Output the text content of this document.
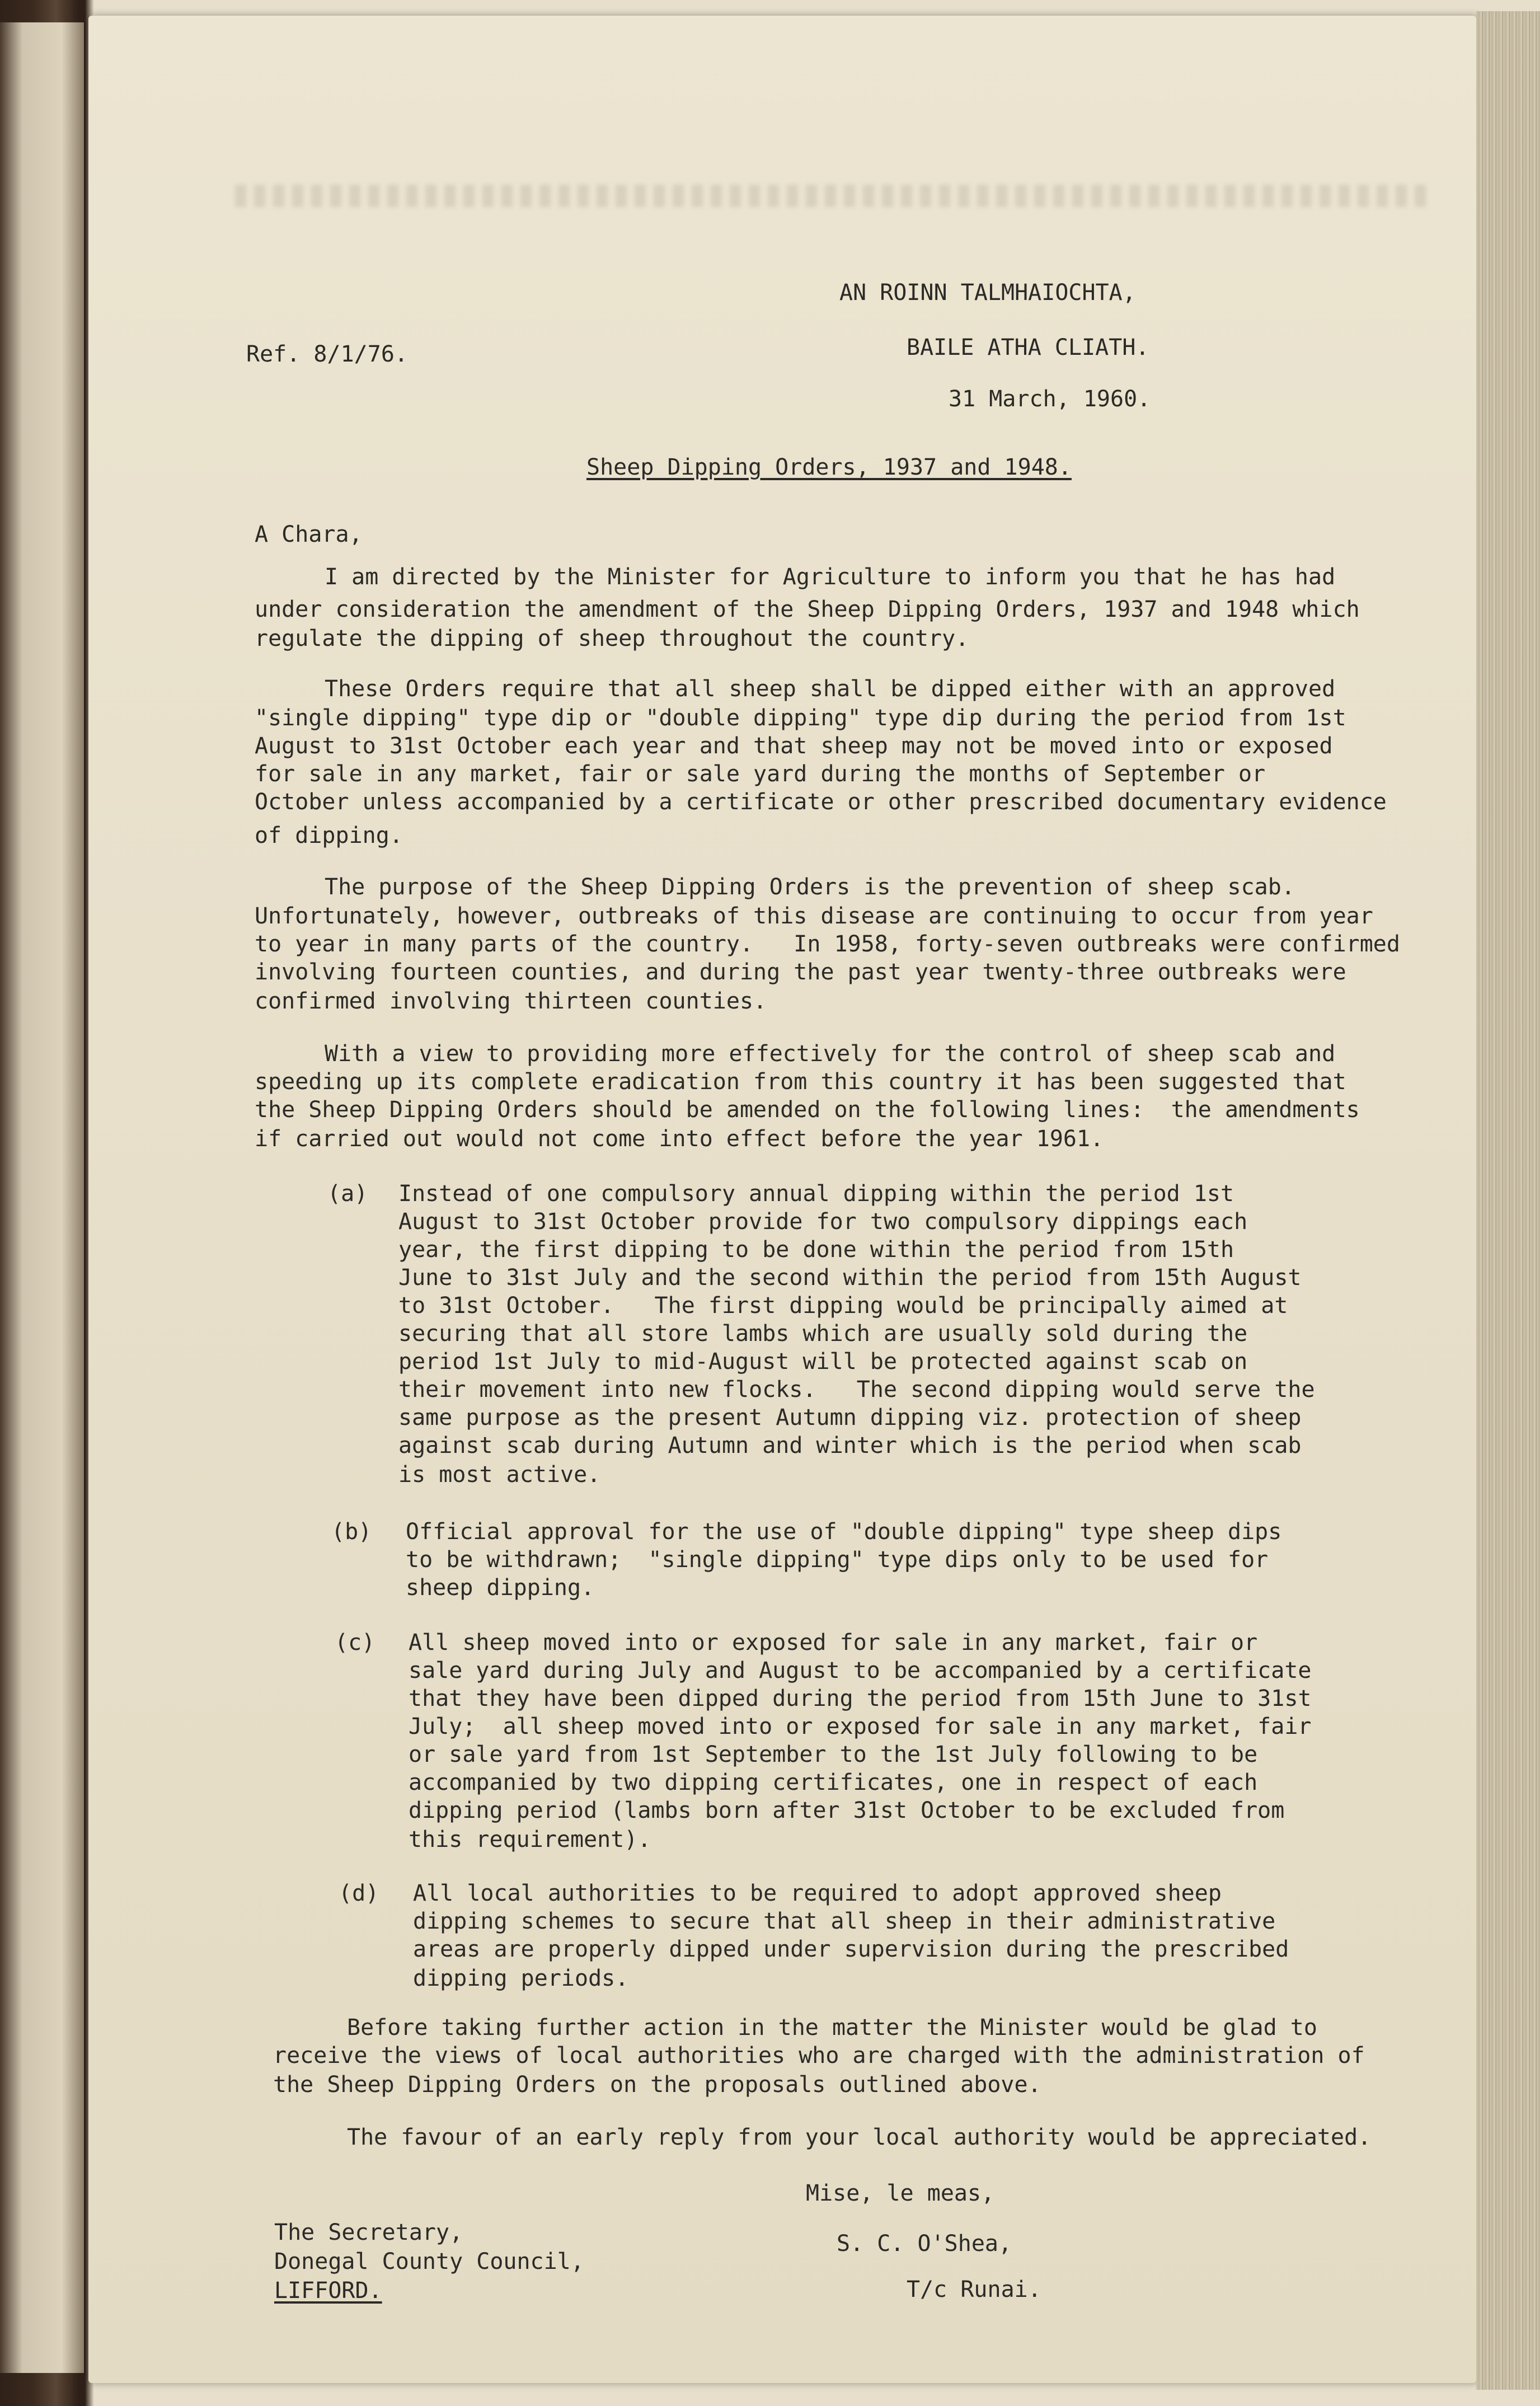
AN ROINN TALMHAIOCHTA,
BAILE ATHA CLIATH.
Ref. 8/1/76.
31 March, 1960.
Sheep Dipping Orders, 1937 and 1948.
A Chara,
I am directed by the Minister for Agriculture to inform you that he has had
under consideration the amendment of the Sheep Dipping Orders, 1937 and 1948 which
regulate the dipping of sheep throughout the country.
These Orders require that all sheep shall be dipped either with an approved
"single dipping" type dip or "double dipping" type dip during the period from 1st
August to 31st October each year and that sheep may not be moved into or exposed
for sale in any market, fair or sale yard during the months of September or
October unless accompanied by a certificate or other prescribed documentary evidence
of dipping.
The purpose of the Sheep Dipping Orders is the prevention of sheep scab.
Unfortunately, however, outbreaks of this disease are continuing to occur from year
to year in many parts of the country.   In 1958, forty-seven outbreaks were confirmed
involving fourteen counties, and during the past year twenty-three outbreaks were
confirmed involving thirteen counties.
With a view to providing more effectively for the control of sheep scab and
speeding up its complete eradication from this country it has been suggested that
the Sheep Dipping Orders should be amended on the following lines:  the amendments
if carried out would not come into effect before the year 1961.
(a) Instead of one compulsory annual dipping within the period 1st
August to 31st October provide for two compulsory dippings each
year, the first dipping to be done within the period from 15th
June to 31st July and the second within the period from 15th August
to 31st October.   The first dipping would be principally aimed at
securing that all store lambs which are usually sold during the
period 1st July to mid-August will be protected against scab on
their movement into new flocks.   The second dipping would serve the
same purpose as the present Autumn dipping viz. protection of sheep
against scab during Autumn and winter which is the period when scab
is most active.
(b) Official approval for the use of "double dipping" type sheep dips
to be withdrawn;  "single dipping" type dips only to be used for
sheep dipping.
(c) All sheep moved into or exposed for sale in any market, fair or
sale yard during July and August to be accompanied by a certificate
that they have been dipped during the period from 15th June to 31st
July;  all sheep moved into or exposed for sale in any market, fair
or sale yard from 1st September to the 1st July following to be
accompanied by two dipping certificates, one in respect of each
dipping period (lambs born after 31st October to be excluded from
this requirement).
(d) All local authorities to be required to adopt approved sheep
dipping schemes to secure that all sheep in their administrative
areas are properly dipped under supervision during the prescribed
dipping periods.
Before taking further action in the matter the Minister would be glad to
receive the views of local authorities who are charged with the administration of
the Sheep Dipping Orders on the proposals outlined above.
The favour of an early reply from your local authority would be appreciated.
Mise, le meas,
S. C. O'Shea,
T/c Runai.
The Secretary,
Donegal County Council,
LIFFORD.
